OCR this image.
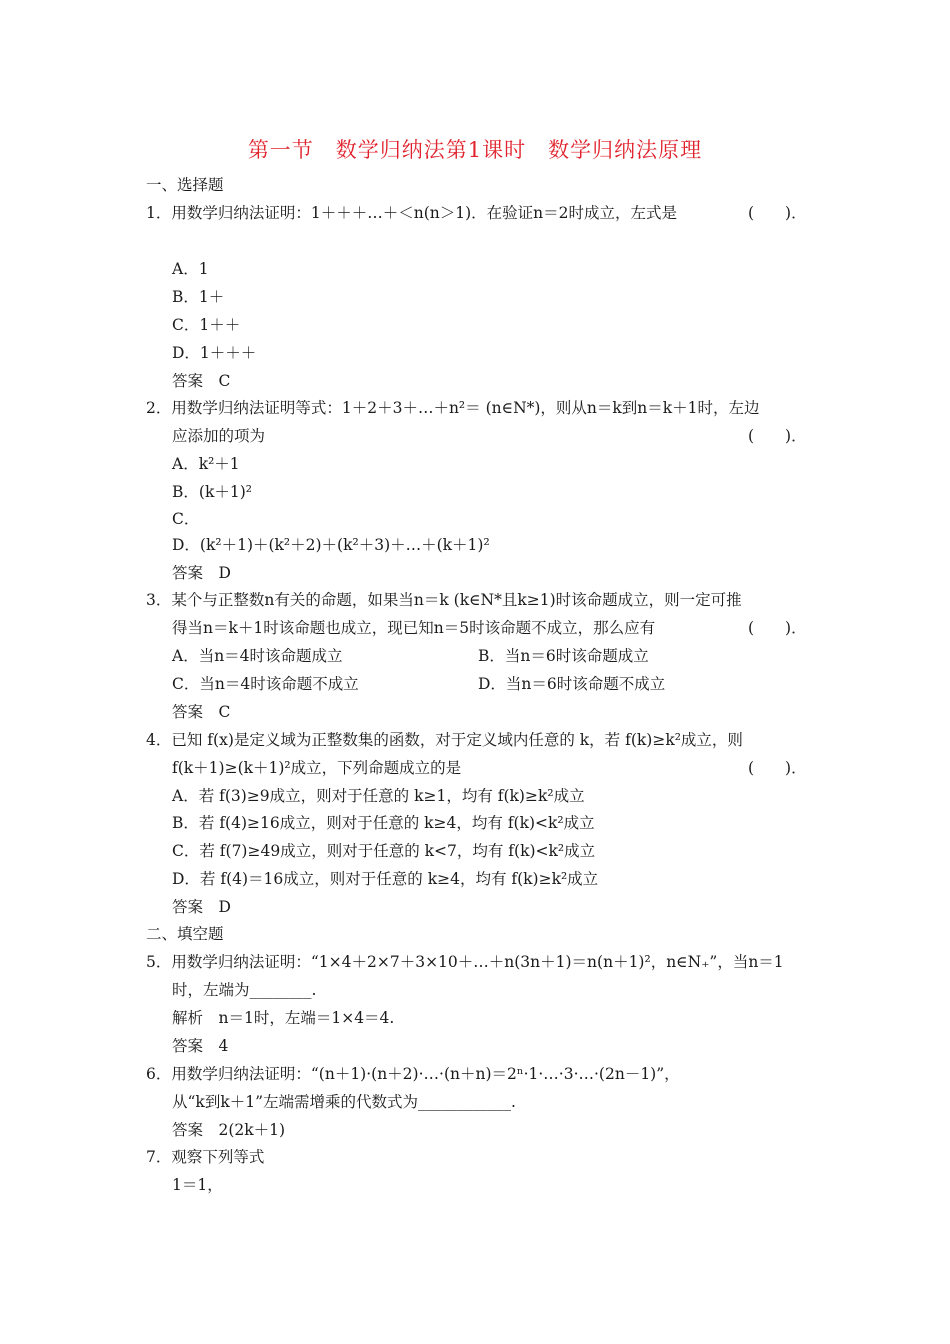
第一节　数学归纳法第1课时　数学归纳法原理
一、选择题
1．用数学归纳法证明：1＋＋＋…＋＜n(n＞1)．在验证n＝2时成立，左式是	(　　)．
A．1
B．1＋
C．1＋＋
D．1＋＋＋
答案　C
2．用数学归纳法证明等式：1＋2＋3＋…＋n²＝ (n∈N*)，则从n＝k到n＝k＋1时，左边
应添加的项为	(　　)．
A．k²＋1
B．(k＋1)²
C．
D．(k²＋1)＋(k²＋2)＋(k²＋3)＋…＋(k＋1)²
答案　D
3．某个与正整数n有关的命题，如果当n＝k (k∈N*且k≥1)时该命题成立，则一定可推
得当n＝k＋1时该命题也成立，现已知n＝5时该命题不成立，那么应有	(　　)．
A．当n＝4时该命题成立	B．当n＝6时该命题成立
C．当n＝4时该命题不成立	D．当n＝6时该命题不成立
答案　C
4．已知 f(x)是定义域为正整数集的函数，对于定义域内任意的 k，若 f(k)≥k²成立，则
f(k＋1)≥(k＋1)²成立，下列命题成立的是	(　　)．
A．若 f(3)≥9成立，则对于任意的 k≥1，均有 f(k)≥k²成立
B．若 f(4)≥16成立，则对于任意的 k≥4，均有 f(k)<k²成立
C．若 f(7)≥49成立，则对于任意的 k<7，均有 f(k)<k²成立
D．若 f(4)＝16成立，则对于任意的 k≥4，均有 f(k)≥k²成立
答案　D
二、填空题
5．用数学归纳法证明：“1×4＋2×7＋3×10＋…＋n(3n＋1)＝n(n＋1)²，n∈N₊”，当n＝1
时，左端为________.
解析　n＝1时，左端＝1×4＝4.
答案　4
6．用数学归纳法证明：“(n＋1)·(n＋2)·…·(n＋n)＝2ⁿ·1·…·3·…·(2n－1)”，
从“k到k＋1”左端需增乘的代数式为____________.
答案　2(2k＋1)
7．观察下列等式
1＝1，
